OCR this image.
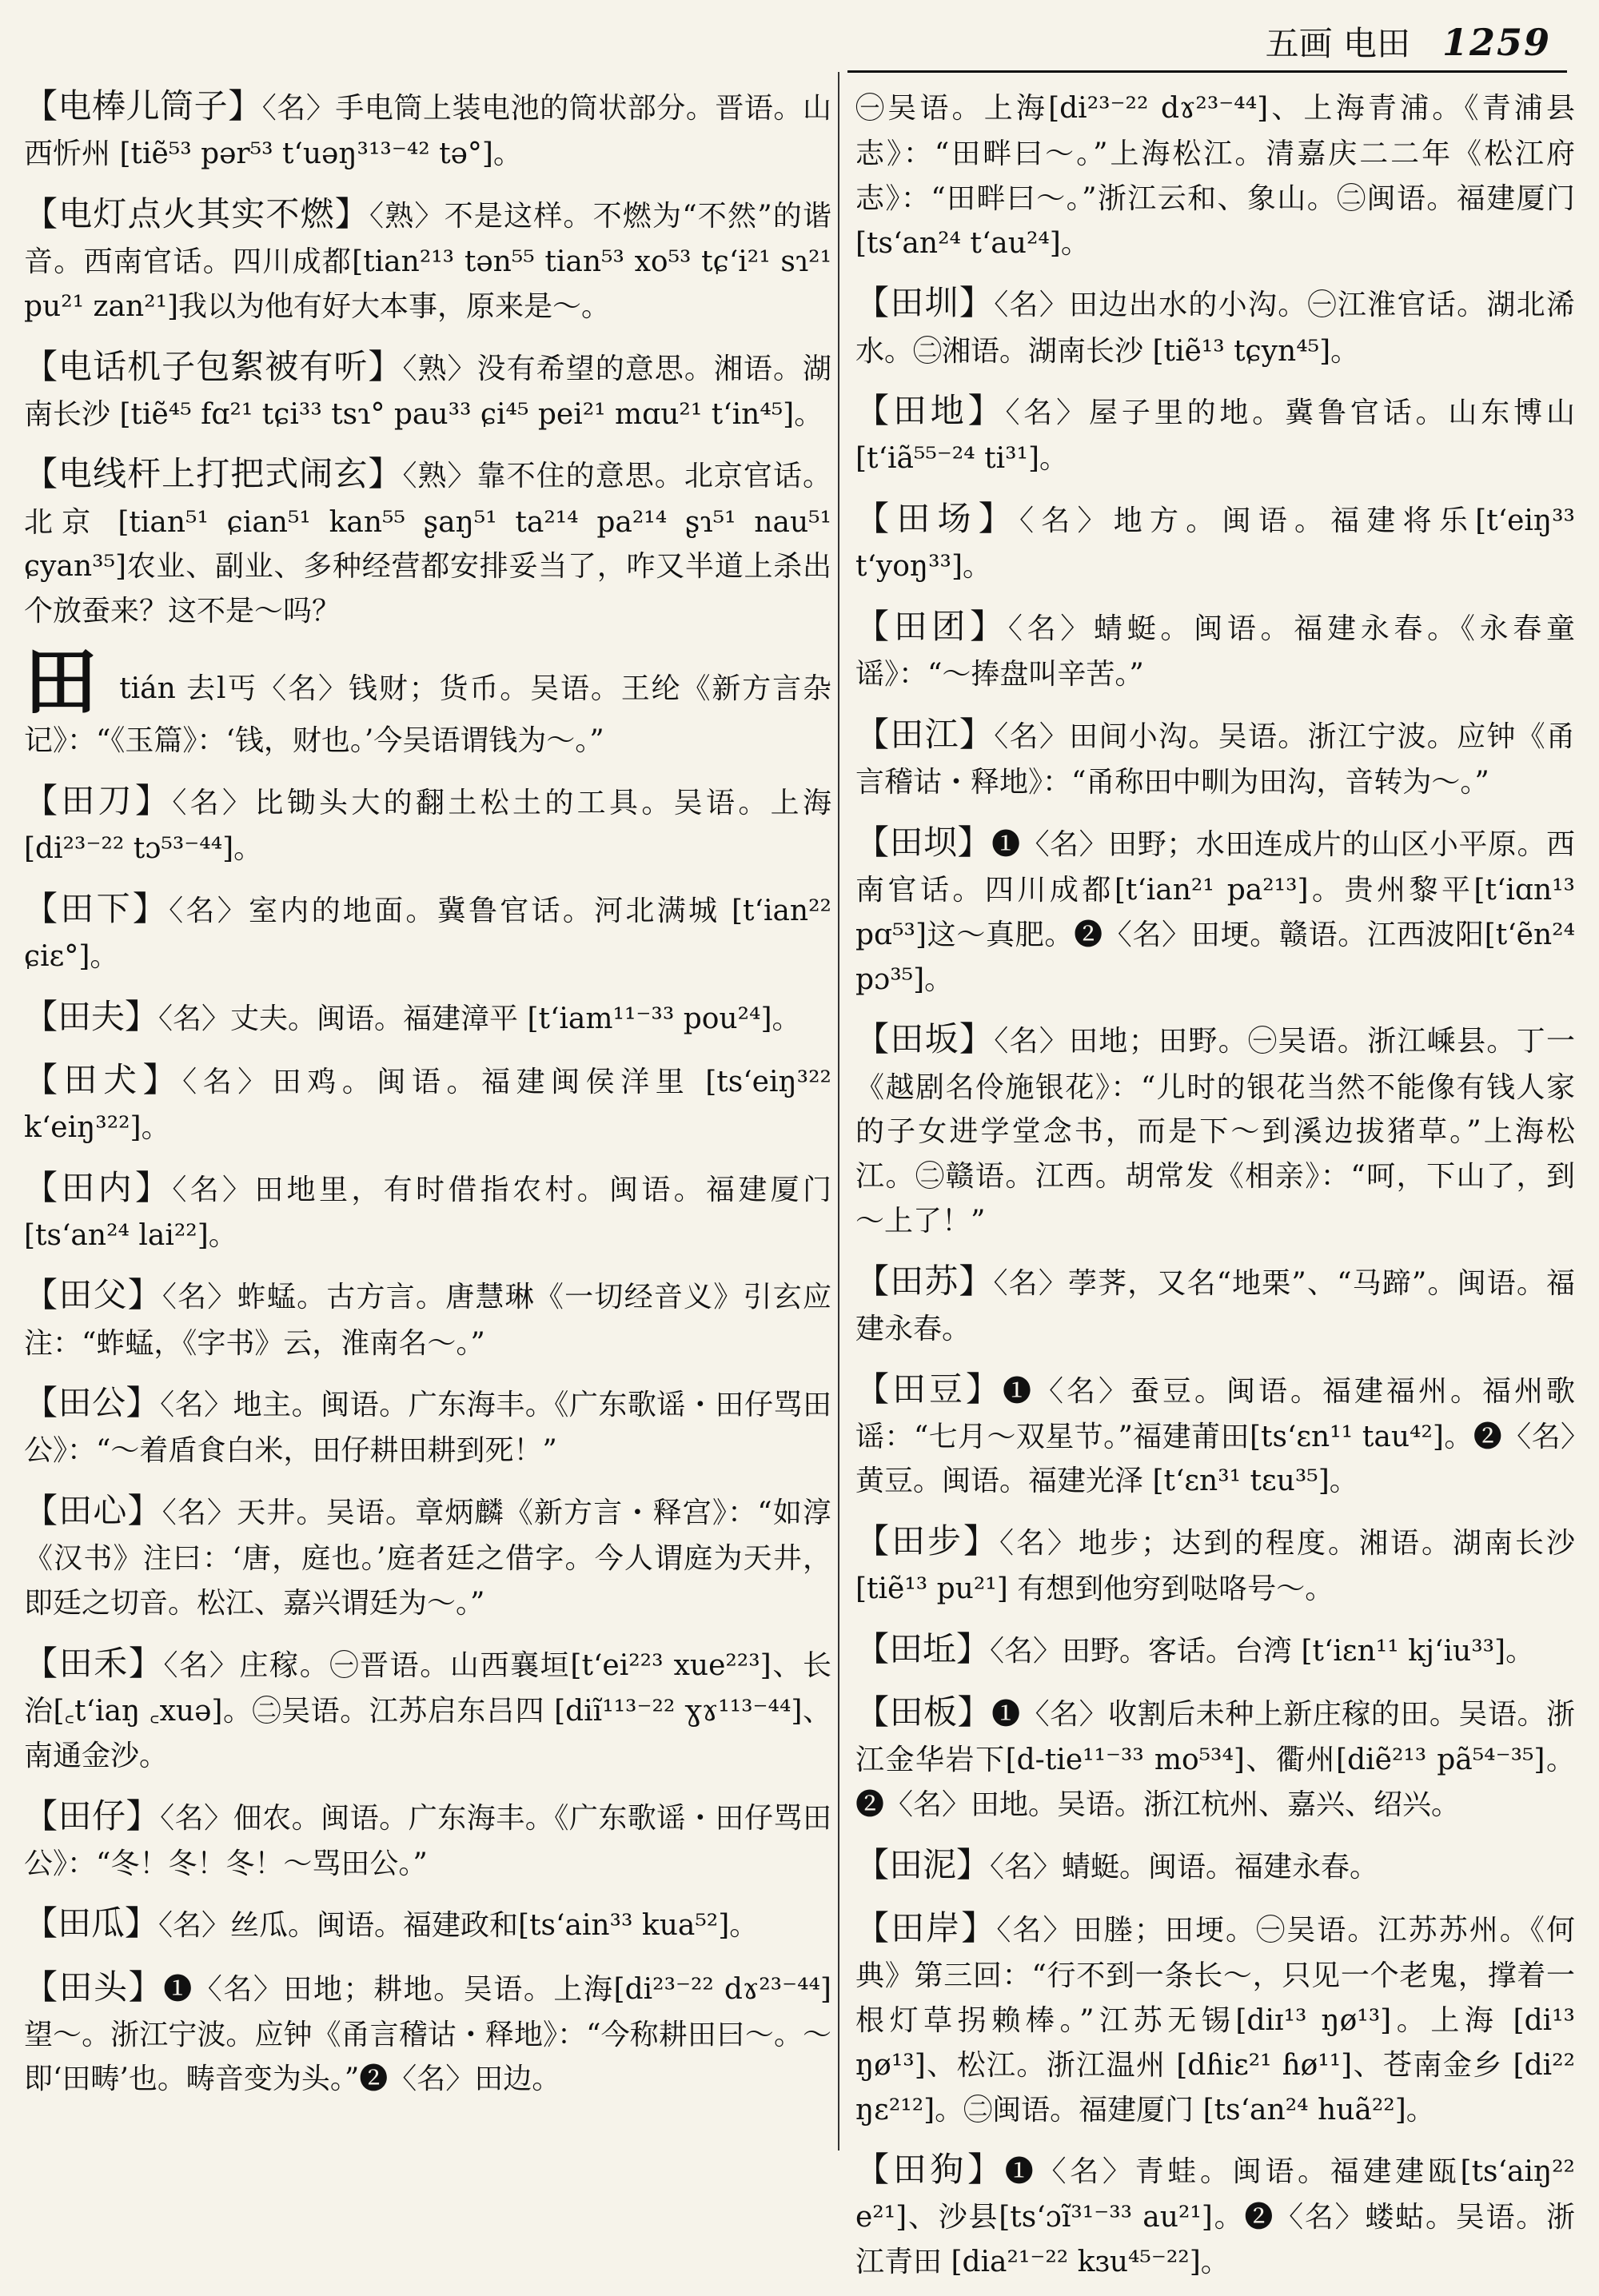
五画 电田 1259

【电棒儿筒子】〈名〉手电筒上装电池的筒状部分。晋语。山西忻州 [tiẽ⁵³ pər⁵³ tʻuəŋ³¹³⁻⁴² tə°]。

【电灯点火其实不燃】〈熟〉不是这样。不燃为“不然”的谐音。西南官话。四川成都[tian²¹³ tən⁵⁵ tian⁵³ xo⁵³ tɕʻi²¹ sɿ²¹ pu²¹ zan²¹]我以为他有好大本事，原来是～。

【电话机子包絮被有听】〈熟〉没有希望的意思。湘语。湖南长沙 [tiẽ⁴⁵ fɑ²¹ tɕi³³ tsɿ° pau³³ ɕi⁴⁵ pei²¹ mɑu²¹ tʻin⁴⁵]。

【电线杆上打把式闹玄】〈熟〉靠不住的意思。北京官话。北京 [tian⁵¹ ɕian⁵¹ kan⁵⁵ ʂaŋ⁵¹ ta²¹⁴ pa²¹⁴ ʂɿ⁵¹ nau⁵¹ ɕyan³⁵]农业、副业、多种经营都安排妥当了，咋又半道上杀出个放蚕来？这不是～吗？

田 tián 去l丐〈名〉钱财；货币。吴语。王纶《新方言杂记》：“《玉篇》：‘钱，财也。’今吴语谓钱为～。”

【田刀】〈名〉比锄头大的翻土松土的工具。吴语。上海 [di²³⁻²² tɔ⁵³⁻⁴⁴]。

【田下】〈名〉室内的地面。冀鲁官话。河北满城 [tʻian²² ɕiɛ°]。

【田夫】〈名〉丈夫。闽语。福建漳平 [tʻiam¹¹⁻³³ pou²⁴]。

【田犬】〈名〉田鸡。闽语。福建闽侯洋里 [tsʻeiŋ³²² kʻeiŋ³²²]。

【田内】〈名〉田地里，有时借指农村。闽语。福建厦门 [tsʻan²⁴ lai²²]。

【田父】〈名〉蚱蜢。古方言。唐慧琳《一切经音义》引玄应注：“蚱蜢，《字书》云，淮南名～。”

【田公】〈名〉地主。闽语。广东海丰。《广东歌谣・田仔骂田公》：“～着盾食白米，田仔耕田耕到死！”

【田心】〈名〉天井。吴语。章炳麟《新方言・释宫》：“如淳《汉书》注曰：‘唐，庭也。’庭者廷之借字。今人谓庭为天井，即廷之切音。松江、嘉兴谓廷为～。”

【田禾】〈名〉庄稼。㊀晋语。山西襄垣[tʻei²²³ xue²²³]、长治[꜀tʻiaŋ ꜀xuə]。㊁吴语。江苏启东吕四 [diĩ¹¹³⁻²² ɣɤ¹¹³⁻⁴⁴]、南通金沙。

【田仔】〈名〉佃农。闽语。广东海丰。《广东歌谣・田仔骂田公》：“冬！冬！冬！～骂田公。”

【田瓜】〈名〉丝瓜。闽语。福建政和[tsʻain³³ kua⁵²]。

【田头】❶〈名〉田地；耕地。吴语。上海[di²³⁻²² dɤ²³⁻⁴⁴]望～。浙江宁波。应钟《甬言稽诂・释地》：“今称耕田曰～。～即‘田畴’也。畴音变为头。”❷〈名〉田边。

㊀吴语。上海[di²³⁻²² dɤ²³⁻⁴⁴]、上海青浦。《青浦县志》：“田畔曰～。”上海松江。清嘉庆二二年《松江府志》：“田畔曰～。”浙江云和、象山。㊁闽语。福建厦门[tsʻan²⁴ tʻau²⁴]。

【田圳】〈名〉田边出水的小沟。㊀江淮官话。湖北浠水。㊁湘语。湖南长沙 [tiẽ¹³ tɕyn⁴⁵]。

【田地】〈名〉屋子里的地。冀鲁官话。山东博山 [tʻiã⁵⁵⁻²⁴ ti³¹]。

【田场】〈名〉地方。闽语。福建将乐[tʻeiŋ³³ tʻyoŋ³³]。

【田团】〈名〉蜻蜓。闽语。福建永春。《永春童谣》：“～捧盘叫辛苦。”

【田江】〈名〉田间小沟。吴语。浙江宁波。应钟《甬言稽诂・释地》：“甬称田中甽为田沟，音转为～。”

【田坝】❶〈名〉田野；水田连成片的山区小平原。西南官话。四川成都[tʻian²¹ pa²¹³]。贵州黎平[tʻiɑn¹³ pɑ⁵³]这～真肥。❷〈名〉田埂。赣语。江西波阳[tʻẽn²⁴ pɔ³⁵]。

【田坂】〈名〉田地；田野。㊀吴语。浙江嵊县。丁一《越剧名伶施银花》：“儿时的银花当然不能像有钱人家的子女进学堂念书，而是下～到溪边拔猪草。”上海松江。㊁赣语。江西。胡常发《相亲》：“呵，下山了，到～上了！”

【田苏】〈名〉荸荠，又名“地栗”、“马蹄”。闽语。福建永春。

【田豆】❶〈名〉蚕豆。闽语。福建福州。福州歌谣：“七月～双星节。”福建莆田[tsʻɛn¹¹ tau⁴²]。❷〈名〉黄豆。闽语。福建光泽 [tʻɛn³¹ tɛu³⁵]。

【田步】〈名〉地步；达到的程度。湘语。湖南长沙 [tiẽ¹³ pu²¹] 有想到他穷到哒咯号～。

【田坵】〈名〉田野。客话。台湾 [tʻiɛn¹¹ kjʻiu³³]。

【田板】❶〈名〉收割后未种上新庄稼的田。吴语。浙江金华岩下[d-tie¹¹⁻³³ mo⁵³⁴]、衢州[diẽ²¹³ pã⁵⁴⁻³⁵]。❷〈名〉田地。吴语。浙江杭州、嘉兴、绍兴。

【田泥】〈名〉蜻蜓。闽语。福建永春。

【田岸】〈名〉田塍；田埂。㊀吴语。江苏苏州。《何典》第三回：“行不到一条长～，只见一个老鬼，撑着一根灯草拐赖棒。”江苏无锡[diɪ¹³ ŋø¹³]。上海 [di¹³ ŋø¹³]、松江。浙江温州 [dɦiɛ²¹ ɦø¹¹]、苍南金乡 [di²² ŋɛ²¹²]。㊁闽语。福建厦门 [tsʻan²⁴ huã²²]。

【田狗】❶〈名〉青蛙。闽语。福建建瓯[tsʻaiŋ²² e²¹]、沙县[tsʻɔĩ³¹⁻³³ au²¹]。❷〈名〉蝼蛄。吴语。浙江青田 [dia²¹⁻²² kɜu⁴⁵⁻²²]。
